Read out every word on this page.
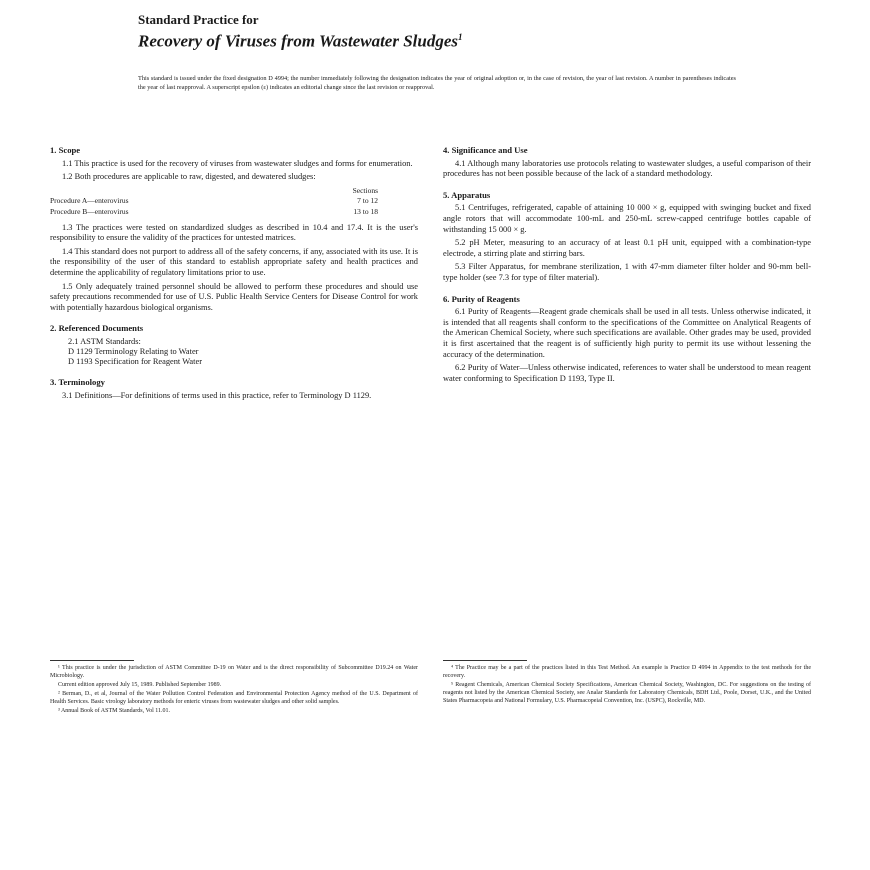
Standard Practice for
Recovery of Viruses from Wastewater Sludges$^1$
This standard is issued under the fixed designation D 4994; the number immediately following the designation indicates the year of original adoption or, in the case of revision, the year of last revision. A number in parentheses indicates the year of last reapproval. A superscript epsilon (ε) indicates an editorial change since the last revision or reapproval.
1. Scope

1.1 This practice is used for the recovery of viruses from wastewater sludges and forms for enumeration.

1.2 Both procedures are applicable to raw, digested, and dewatered sludges:

Sections
Procedure A—enterovirus	7 to 12
Procedure B—enterovirus	13 to 18

1.3 The practices were tested on standardized sludges as described in 10.4 and 17.4. It is the user's responsibility to ensure the validity of the practices for untested matrices.

1.4 This standard does not purport to address all of the safety concerns, if any, associated with its use. It is the responsibility of the user of this standard to establish appropriate safety and health practices and determine the applicability of regulatory limitations prior to use.

1.5 Only adequately trained personnel should be allowed to perform these procedures and should use safety precautions recommended for use of U.S. Public Health Service Centers for Disease Control for work with potentially hazardous biological organisms.

2. Referenced Documents

2.1 ASTM Standards:

D 1129 Terminology Relating to Water

D 1193 Specification for Reagent Water

3. Terminology

3.1 Definitions—For definitions of terms used in this practice, refer to Terminology D 1129.

4. Significance and Use

4.1 Although many laboratories use protocols relating to wastewater sludges, a useful comparison of their procedures has not been possible because of the lack of a standard methodology.

5. Apparatus

5.1 Centrifuges, refrigerated, capable of attaining 10 000 × g, equipped with swinging bucket and fixed angle rotors that will accommodate 100-mL and 250-mL screw-capped centrifuge bottles capable of withstanding 15 000 × g.

5.2 pH Meter, measuring to an accuracy of at least 0.1 pH unit, equipped with a combination-type electrode, a stirring plate and stirring bars.

5.3 Filter Apparatus, for membrane sterilization, 1 with 47-mm diameter filter holder and 90-mm bell-type holder (see 7.3 for type of filter material).

6. Purity of Reagents

6.1 Purity of Reagents—Reagent grade chemicals shall be used in all tests. Unless otherwise indicated, it is intended that all reagents shall conform to the specifications of the Committee on Analytical Reagents of the American Chemical Society, where such specifications are available. Other grades may be used, provided it is first ascertained that the reagent is of sufficiently high purity to permit its use without lessening the accuracy of the determination.

6.2 Purity of Water—Unless otherwise indicated, references to water shall be understood to mean reagent water conforming to Specification D 1193, Type II.

¹ This practice is under the jurisdiction of ASTM Committee D-19 on Water and is the direct responsibility of Subcommittee D19.24 on Water Microbiology.

Current edition approved July 15, 1989. Published September 1989.

² Berman, D., et al, Journal of the Water Pollution Control Federation and Environmental Protection Agency method of the U.S. Department of Health Services. Basic virology laboratory methods for enteric viruses from wastewater sludges and other solid samples.

³ Annual Book of ASTM Standards, Vol 11.01.

⁴ The Practice may be a part of the practices listed in this Test Method. An example is Practice D 4994 in Appendix to the test methods for the recovery.

⁵ Reagent Chemicals, American Chemical Society Specifications, American Chemical Society, Washington, DC. For suggestions on the testing of reagents not listed by the American Chemical Society, see Analar Standards for Laboratory Chemicals, BDH Ltd., Poole, Dorset, U.K., and the United States Pharmacopeia and National Formulary, U.S. Pharmacopeial Convention, Inc. (USPC), Rockville, MD.
